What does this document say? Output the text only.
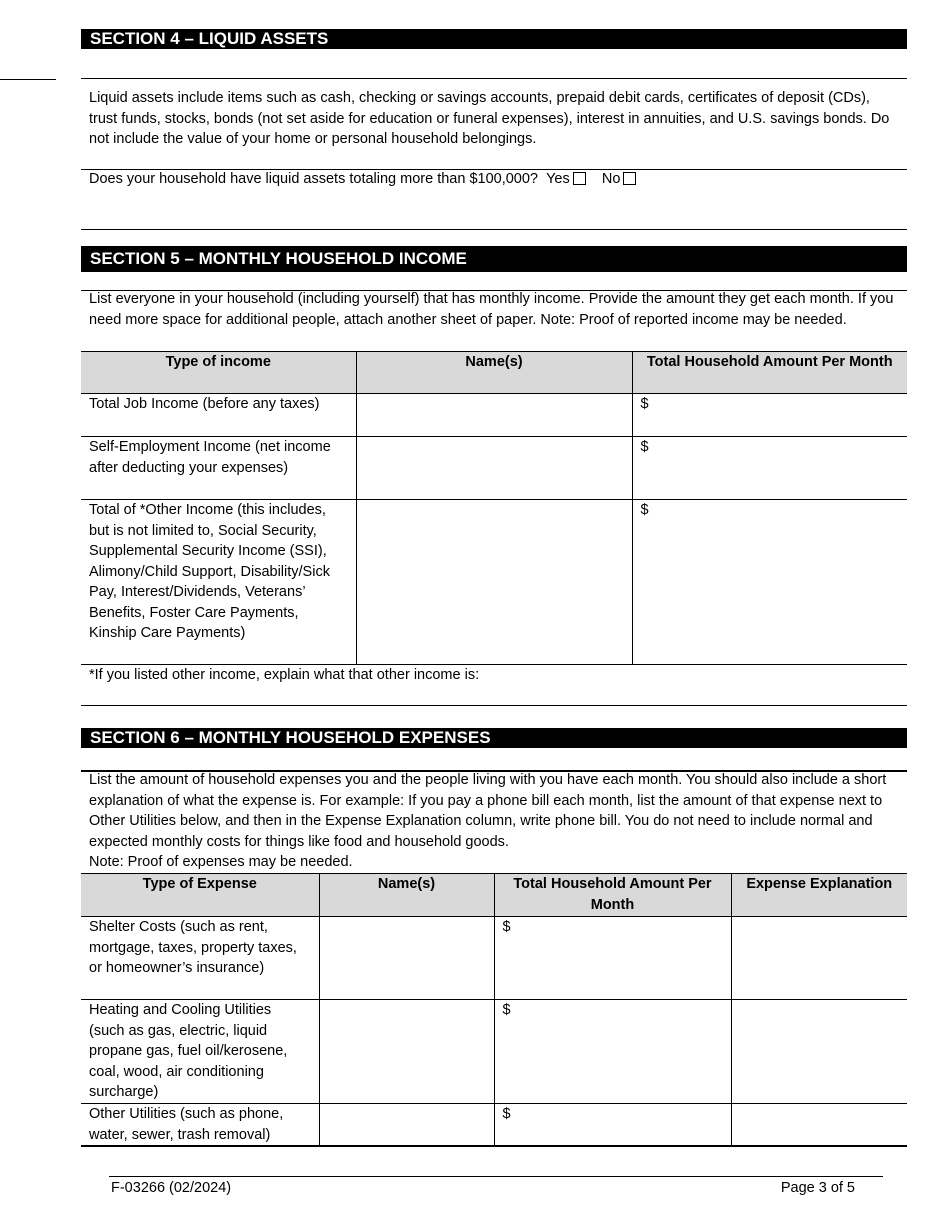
SECTION 4 – LIQUID ASSETS
Liquid assets include items such as cash, checking or savings accounts, prepaid debit cards, certificates of deposit (CDs), trust funds, stocks, bonds (not set aside for education or funeral expenses), interest in annuities, and U.S. savings bonds. Do not include the value of your home or personal household belongings.
Does your household have liquid assets totaling more than $100,000? Yes No
SECTION 5 – MONTHLY HOUSEHOLD INCOME
List everyone in your household (including yourself) that has monthly income. Provide the amount they get each month. If you need more space for additional people, attach another sheet of paper. Note: Proof of reported income may be needed.
Type of income	Name(s)	Total Household Amount Per Month
Total Job Income (before any taxes)		$
Self-Employment Income (net income after deducting your expenses)		$
Total of *Other Income (this includes, but is not limited to, Social Security, Supplemental Security Income (SSI), Alimony/Child Support, Disability/Sick Pay, Interest/Dividends, Veterans’ Benefits, Foster Care Payments, Kinship Care Payments)		$
*If you listed other income, explain what that other income is:
SECTION 6 – MONTHLY HOUSEHOLD EXPENSES
List the amount of household expenses you and the people living with you have each month. You should also include a short explanation of what the expense is. For example: If you pay a phone bill each month, list the amount of that expense next to Other Utilities below, and then in the Expense Explanation column, write phone bill. You do not need to include normal and expected monthly costs for things like food and household goods.
Note: Proof of expenses may be needed.
Type of Expense	Name(s)	Total Household Amount Per Month	Expense Explanation
Shelter Costs (such as rent, mortgage, taxes, property taxes, or homeowner’s insurance)		$	
Heating and Cooling Utilities (such as gas, electric, liquid propane gas, fuel oil/kerosene, coal, wood, air conditioning surcharge)		$	
Other Utilities (such as phone, water, sewer, trash removal)		$	
F-03266 (02/2024)	Page 3 of 5
